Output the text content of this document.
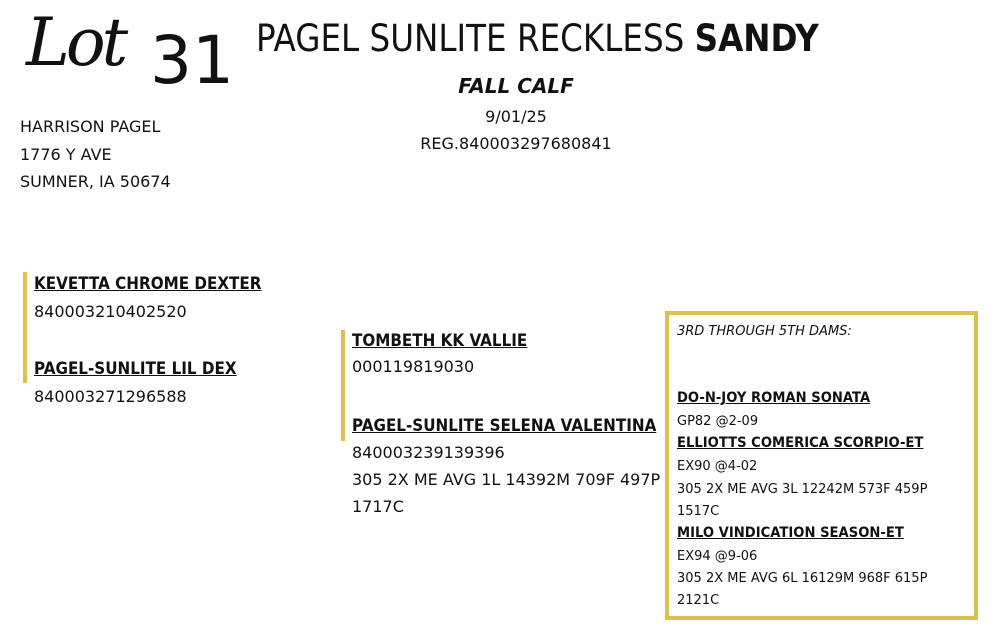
Lot 31 PAGEL SUNLITE RECKLESS SANDY
FALL CALF
9/01/25
REG.840003297680841
HARRISON PAGEL
1776 Y AVE
SUMNER, IA 50674
KEVETTA CHROME DEXTER
840003210402520
PAGEL-SUNLITE LIL DEX
840003271296588
TOMBETH KK VALLIE
000119819030
PAGEL-SUNLITE SELENA VALENTINA
840003239139396
305 2X ME AVG 1L 14392M 709F 497P
1717C
3RD THROUGH 5TH DAMS:
DO-N-JOY ROMAN SONATA
GP82 @2-09
ELLIOTTS COMERICA SCORPIO-ET
EX90 @4-02
305 2X ME AVG 3L 12242M 573F 459P
1517C
MILO VINDICATION SEASON-ET
EX94 @9-06
305 2X ME AVG 6L 16129M 968F 615P
2121C
